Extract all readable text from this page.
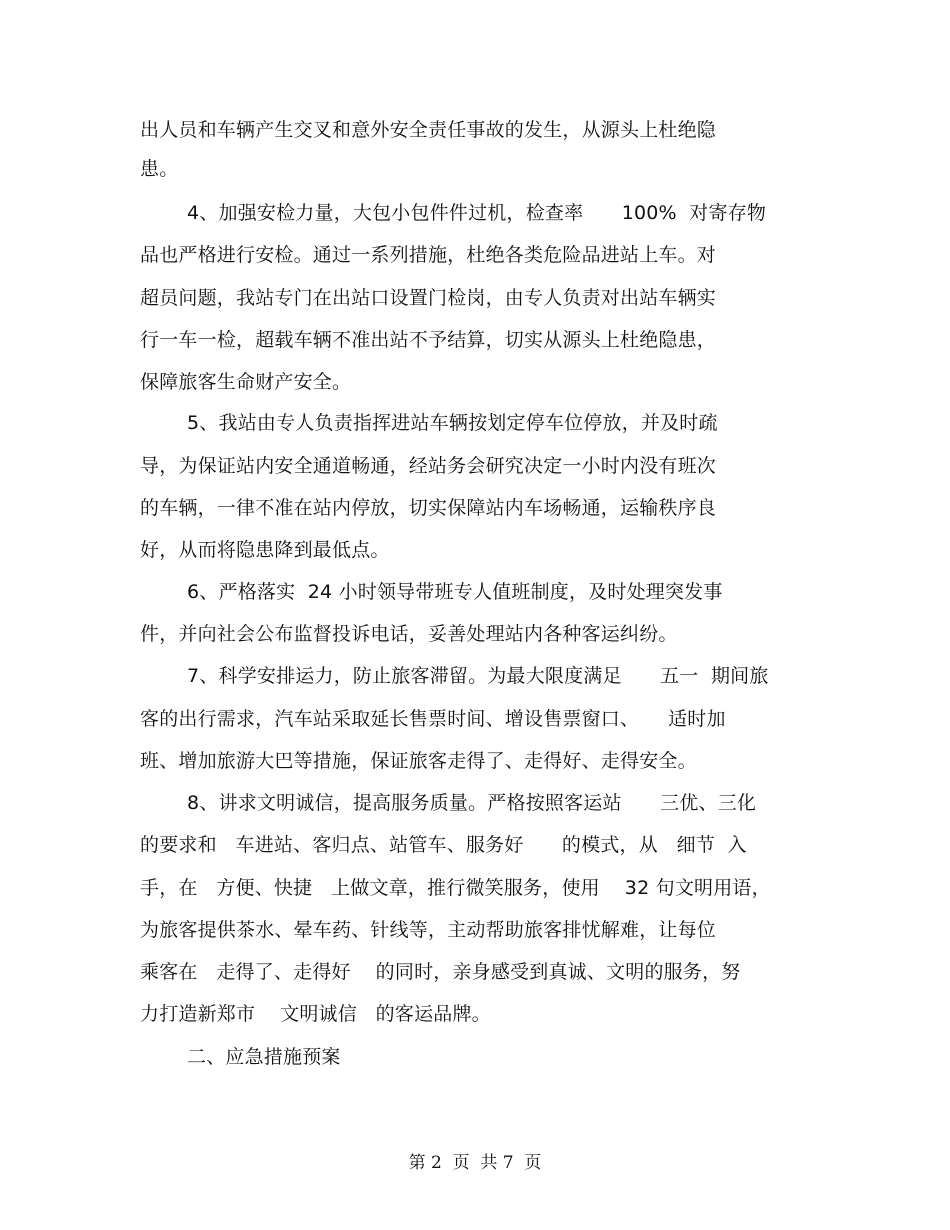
出人员和车辆产生交叉和意外安全责任事故的发生，从源头上杜绝隐
患。
4、加强安检力量，大包小包件件过机，检查率　　100%  对寄存物
品也严格进行安检。通过一系列措施，杜绝各类危险品进站上车。对
超员问题，我站专门在出站口设置门检岗，由专人负责对出站车辆实
行一车一检，超载车辆不准出站不予结算，切实从源头上杜绝隐患，
保障旅客生命财产安全。
5、我站由专人负责指挥进站车辆按划定停车位停放，并及时疏
导，为保证站内安全通道畅通，经站务会研究决定一小时内没有班次
的车辆，一律不准在站内停放，切实保障站内车场畅通，运输秩序良
好，从而将隐患降到最低点。
6、严格落实  24 小时领导带班专人值班制度，及时处理突发事
件，并向社会公布监督投诉电话，妥善处理站内各种客运纠纷。
7、科学安排运力，防止旅客滞留。为最大限度满足　　五一  期间旅
客的出行需求，汽车站采取延长售票时间、增设售票窗口、　　适时加
班、增加旅游大巴等措施，保证旅客走得了、走得好、走得安全。
8、讲求文明诚信，提高服务质量。严格按照客运站　　三优、三化
的要求和   车进站、客归点、站管车、服务好　　的模式，从   细节  入
手，在   方便、快捷   上做文章，推行微笑服务，使用    32 句文明用语，
为旅客提供茶水、晕车药、针线等，主动帮助旅客排忧解难，让每位
乘客在   走得了、走得好    的同时，亲身感受到真诚、文明的服务，努
力打造新郑市    文明诚信   的客运品牌。
二、应急措施预案
第 2  页  共 7  页
